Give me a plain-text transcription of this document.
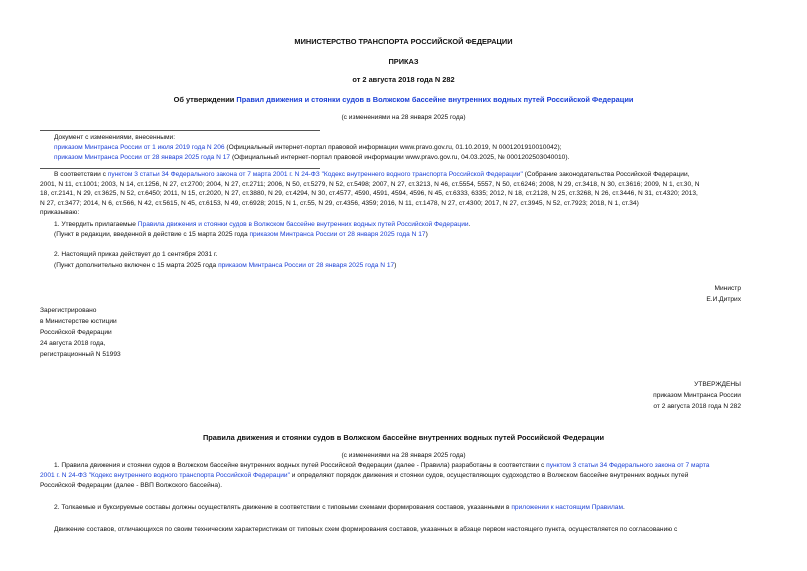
МИНИСТЕРСТВО ТРАНСПОРТА РОССИЙСКОЙ ФЕДЕРАЦИИ
ПРИКАЗ
от 2 августа 2018 года N 282
Об утверждении Правил движения и стоянки судов в Волжском бассейне внутренних водных путей Российской Федерации
(с изменениями на 28 января 2025 года)
Документ с изменениями, внесенными:
приказом Минтранса России от 1 июля 2019 года N 206 (Официальный интернет-портал правовой информации www.pravo.gov.ru, 01.10.2019, N 0001201910010042);
приказом Минтранса России от 28 января 2025 года N 17 (Официальный интернет-портал правовой информации www.pravo.gov.ru, 04.03.2025, № 0001202503040010).
В соответствии с пунктом 3 статьи 34 Федерального закона от 7 марта 2001 г. N 24-ФЗ "Кодекс внутреннего водного транспорта Российской Федерации" (Собрание законодательства Российской Федерации,
2001, N 11, ст.1001; 2003, N 14, ст.1256, N 27, ст.2700; 2004, N 27, ст.2711; 2006, N 50, ст.5279, N 52, ст.5498; 2007, N 27, ст.3213, N 46, ст.5554, 5557, N 50, ст.6246; 2008, N 29, ст.3418, N 30, ст.3616; 2009, N 1, ст.30, N
18, ст.2141, N 29, ст.3625, N 52, ст.6450; 2011, N 15, ст.2020, N 27, ст.3880, N 29, ст.4294, N 30, ст.4577, 4590, 4591, 4594, 4596, N 45, ст.6333, 6335; 2012, N 18, ст.2128, N 25, ст.3268, N 26, ст.3446, N 31, ст.4320; 2013,
N 27, ст.3477; 2014, N 6, ст.566, N 42, ст.5615, N 45, ст.6153, N 49, ст.6928; 2015, N 1, ст.55, N 29, ст.4356, 4359; 2016, N 11, ст.1478, N 27, ст.4300; 2017, N 27, ст.3945, N 52, ст.7923; 2018, N 1, ст.34)
приказываю:
1. Утвердить прилагаемые Правила движения и стоянки судов в Волжском бассейне внутренних водных путей Российской Федерации.
(Пункт в редакции, введенной в действие с 15 марта 2025 года приказом Минтранса России от 28 января 2025 года N 17)
2. Настоящий приказ действует до 1 сентября 2031 г.
(Пункт дополнительно включен с 15 марта 2025 года приказом Минтранса России от 28 января 2025 года N 17)
Министр
Е.И.Дитрих
Зарегистрировано
в Министерстве юстиции
Российской Федерации
24 августа 2018 года,
регистрационный N 51993
УТВЕРЖДЕНЫ
приказом Минтранса России
от 2 августа 2018 года N 282
Правила движения и стоянки судов в Волжском бассейне внутренних водных путей Российской Федерации
(с изменениями на 28 января 2025 года)
1. Правила движения и стоянки судов в Волжском бассейне внутренних водных путей Российской Федерации (далее - Правила) разработаны в соответствии с пунктом 3 статьи 34 Федерального закона от 7 марта
2001 г. N 24-ФЗ "Кодекс внутреннего водного транспорта Российской Федерации" и определяют порядок движения и стоянки судов, осуществляющих судоходство в Волжском бассейне внутренних водных путей
Российской Федерации (далее - ВВП Волжского бассейна).
2. Толкаемые и буксируемые составы должны осуществлять движение в соответствии с типовыми схемами формирования составов, указанными в приложении к настоящим Правилам.
Движение составов, отличающихся по своим техническим характеристикам от типовых схем формирования составов, указанных в абзаце первом настоящего пункта, осуществляется по согласованию с
